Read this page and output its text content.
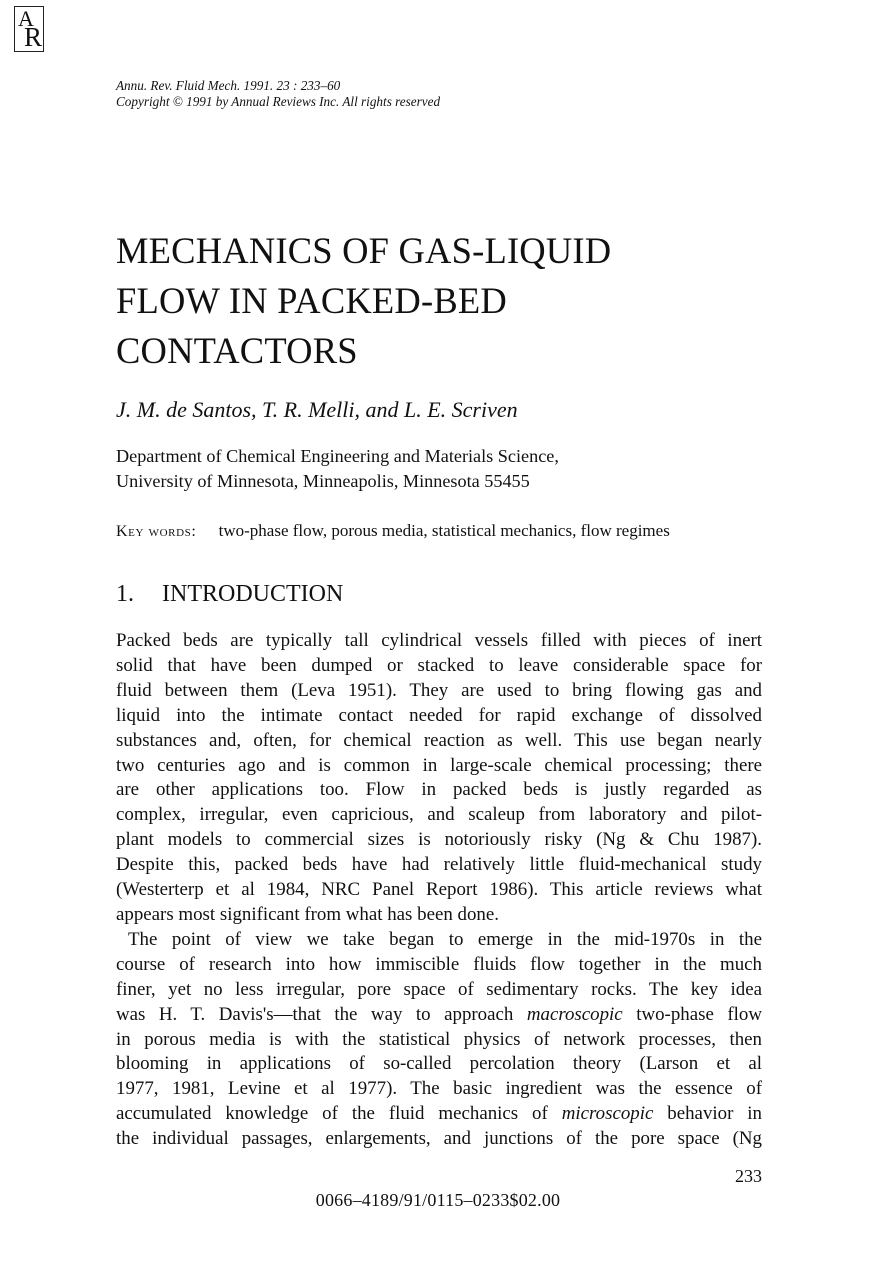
A
R
Annu. Rev. Fluid Mech. 1991. 23 : 233–60
Copyright © 1991 by Annual Reviews Inc. All rights reserved
MECHANICS OF GAS-LIQUID
FLOW IN PACKED-BED
CONTACTORS
J. M. de Santos, T. R. Melli, and L. E. Scriven
Department of Chemical Engineering and Materials Science,
University of Minnesota, Minneapolis, Minnesota 55455
Key words: two-phase flow, porous media, statistical mechanics, flow regimes
1. INTRODUCTION
Packed beds are typically tall cylindrical vessels filled with pieces of inert
solid that have been dumped or stacked to leave considerable space for
fluid between them (Leva 1951). They are used to bring flowing gas and
liquid into the intimate contact needed for rapid exchange of dissolved
substances and, often, for chemical reaction as well. This use began nearly
two centuries ago and is common in large-scale chemical processing; there
are other applications too. Flow in packed beds is justly regarded as
complex, irregular, even capricious, and scaleup from laboratory and pilot-
plant models to commercial sizes is notoriously risky (Ng & Chu 1987).
Despite this, packed beds have had relatively little fluid-mechanical study
(Westerterp et al 1984, NRC Panel Report 1986). This article reviews what
appears most significant from what has been done.
The point of view we take began to emerge in the mid-1970s in the
course of research into how immiscible fluids flow together in the much
finer, yet no less irregular, pore space of sedimentary rocks. The key idea
was H. T. Davis's—that the way to approach macroscopic two-phase flow
in porous media is with the statistical physics of network processes, then
blooming in applications of so-called percolation theory (Larson et al
1977, 1981, Levine et al 1977). The basic ingredient was the essence of
accumulated knowledge of the fluid mechanics of microscopic behavior in
the individual passages, enlargements, and junctions of the pore space (Ng
233
0066–4189/91/0115–0233$02.00
